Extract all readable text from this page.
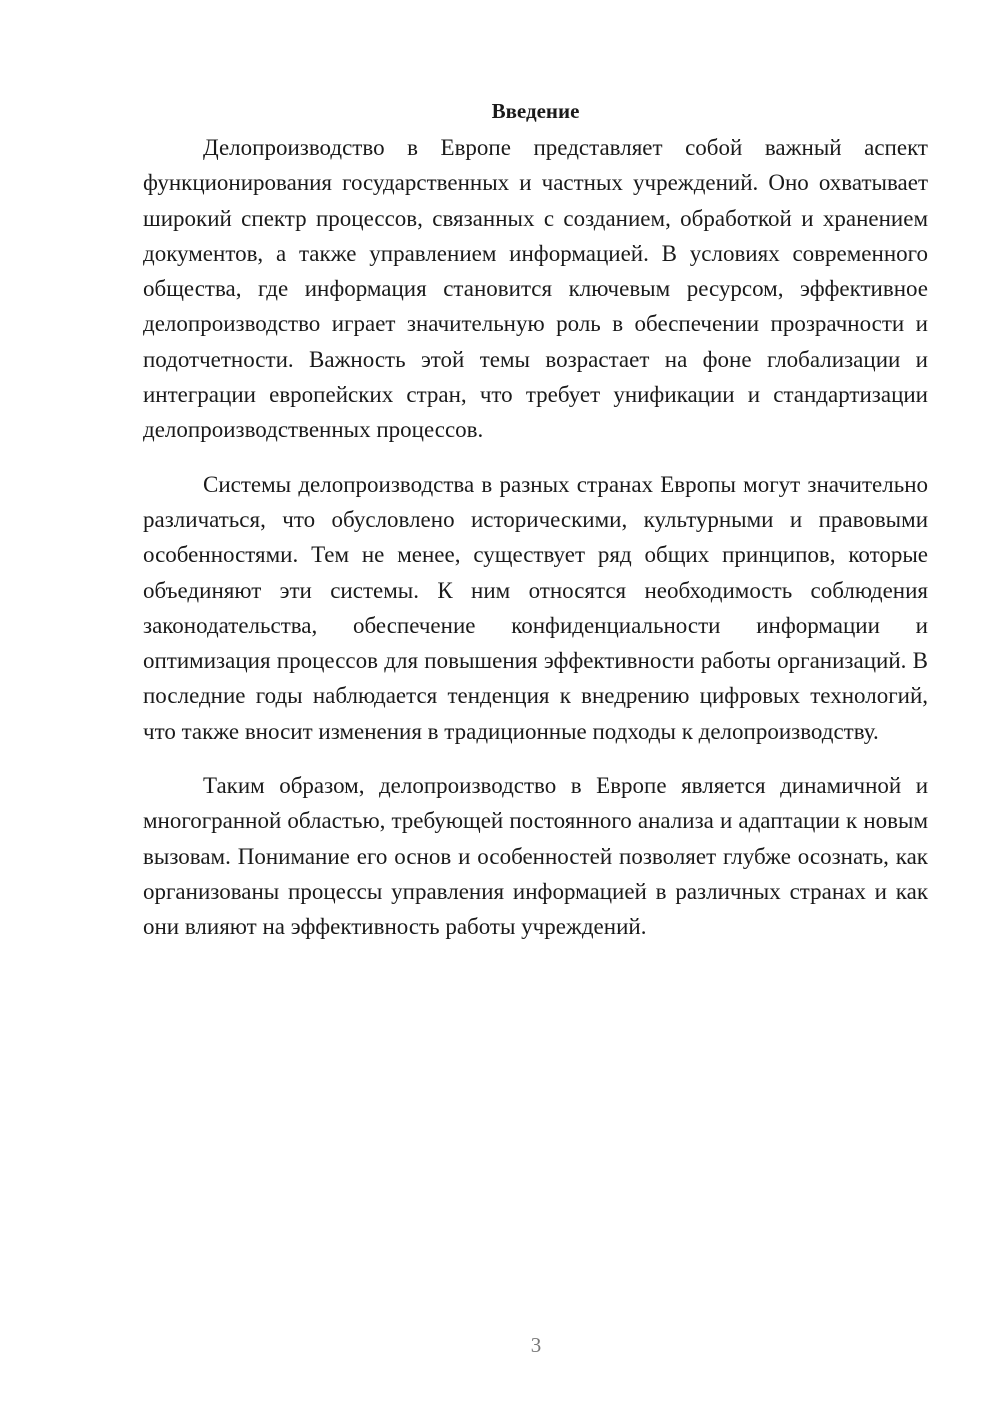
Введение

Делопроизводство в Европе представляет собой важный аспект функционирования государственных и частных учреждений. Оно охватывает широкий спектр процессов, связанных с созданием, обработкой и хранением документов, а также управлением информацией. В условиях современного общества, где информация становится ключевым ресурсом, эффективное делопроизводство играет значительную роль в обеспечении прозрачности и подотчетности. Важность этой темы возрастает на фоне глобализации и интеграции европейских стран, что требует унификации и стандартизации делопроизводственных процессов.

Системы делопроизводства в разных странах Европы могут значительно различаться, что обусловлено историческими, культурными и правовыми особенностями. Тем не менее, существует ряд общих принципов, которые объединяют эти системы. К ним относятся необходимость соблюдения законодательства, обеспечение конфиденциальности информации и оптимизация процессов для повышения эффективности работы организаций. В последние годы наблюдается тенденция к внедрению цифровых технологий, что также вносит изменения в традиционные подходы к делопроизводству.

Таким образом, делопроизводство в Европе является динамичной и многогранной областью, требующей постоянного анализа и адаптации к новым вызовам. Понимание его основ и особенностей позволяет глубже осознать, как организованы процессы управления информацией в различных странах и как они влияют на эффективность работы учреждений.

3
